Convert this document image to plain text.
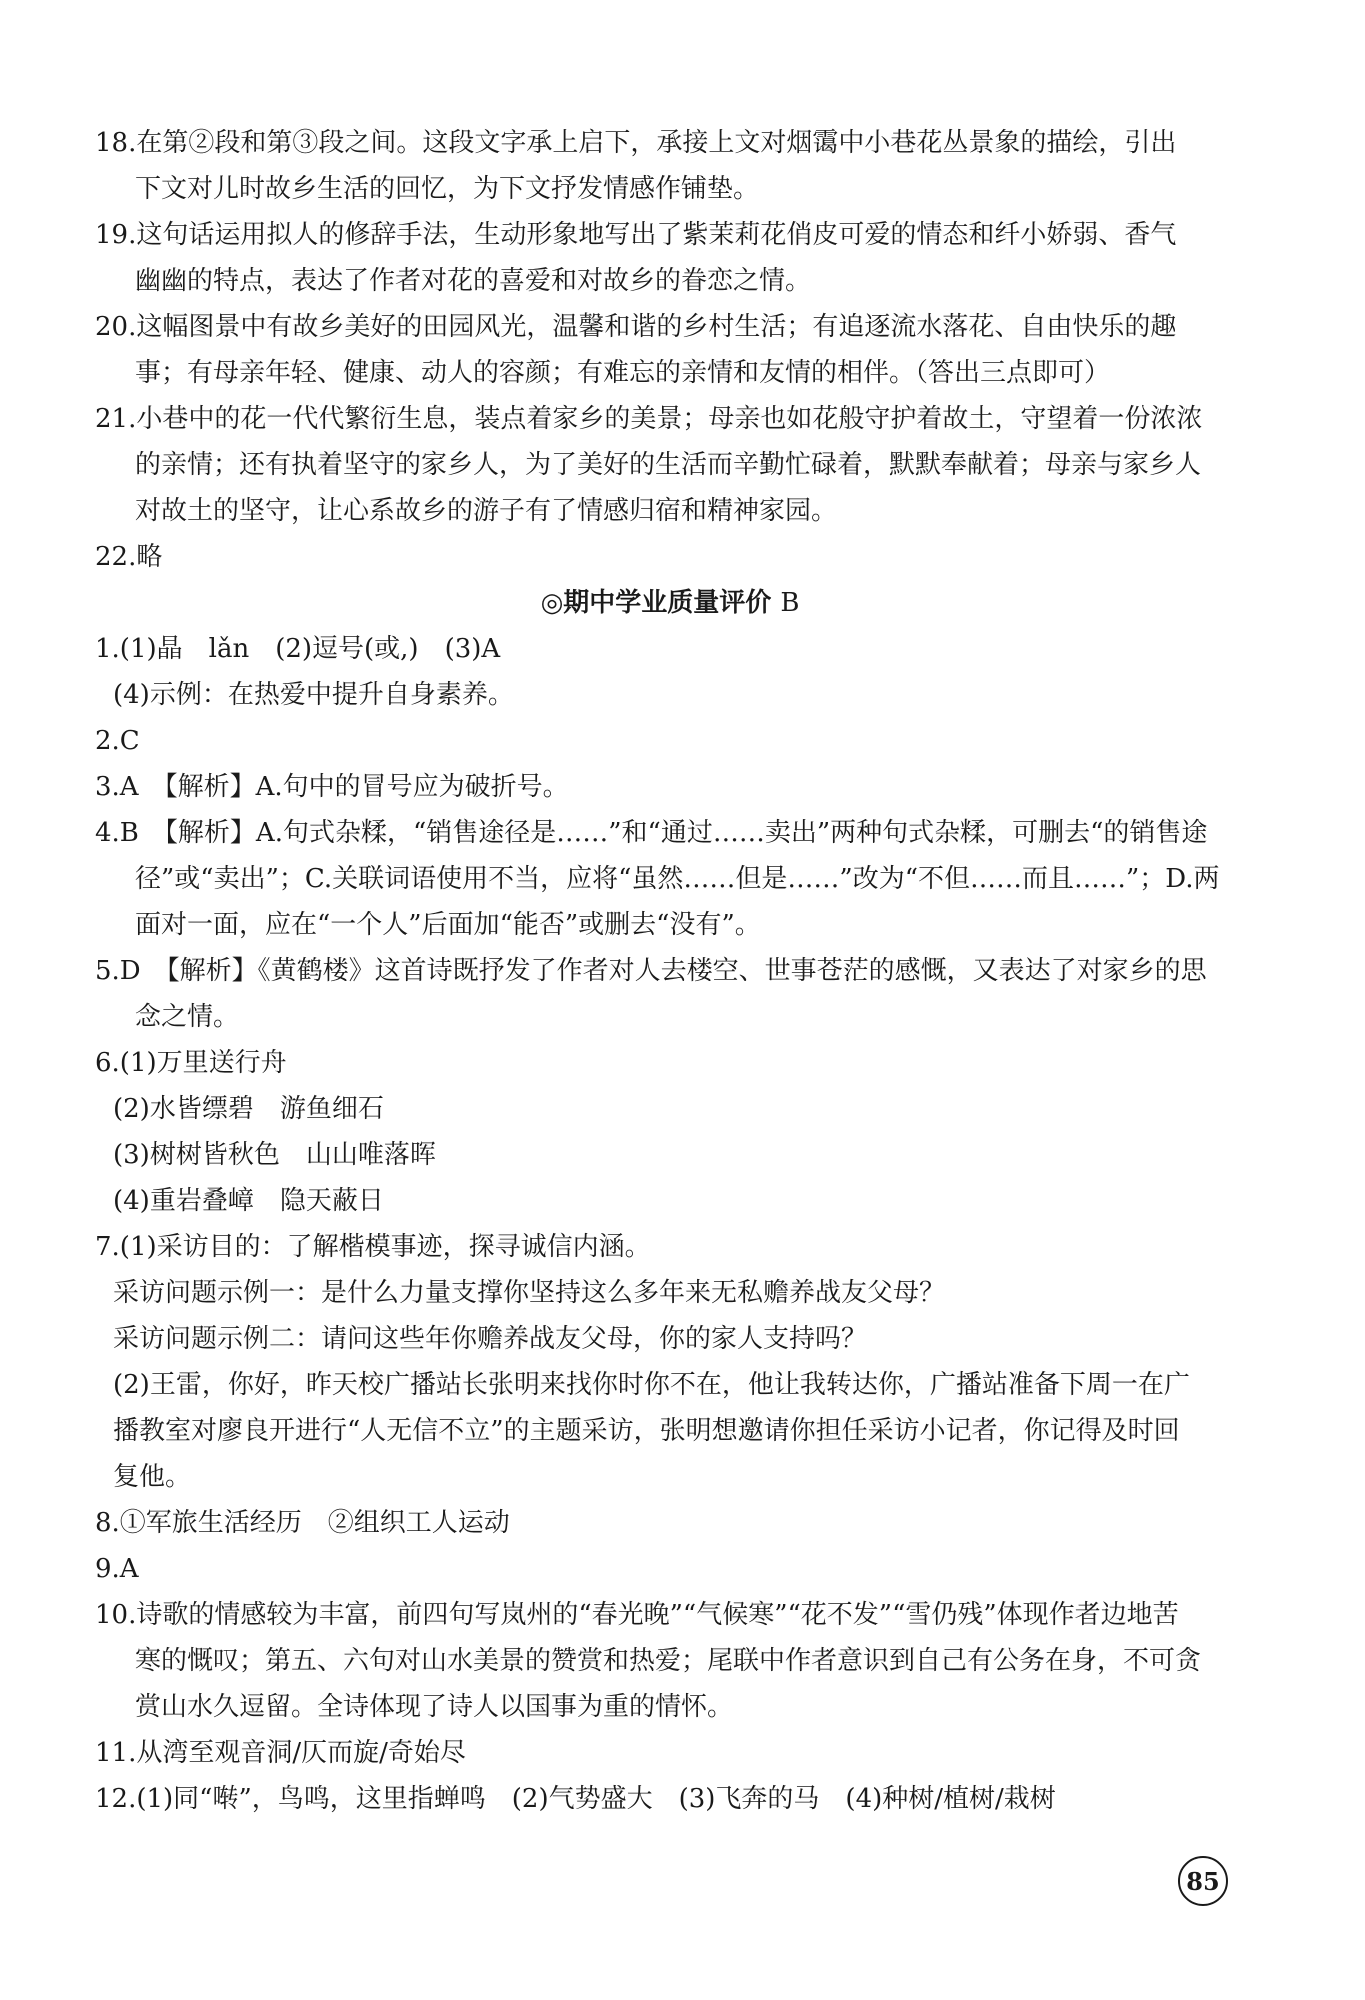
18.在第②段和第③段之间。这段文字承上启下，承接上文对烟霭中小巷花丛景象的描绘，引出

下文对儿时故乡生活的回忆，为下文抒发情感作铺垫。

19.这句话运用拟人的修辞手法，生动形象地写出了紫茉莉花俏皮可爱的情态和纤小娇弱、香气

幽幽的特点，表达了作者对花的喜爱和对故乡的眷恋之情。

20.这幅图景中有故乡美好的田园风光，温馨和谐的乡村生活；有追逐流水落花、自由快乐的趣

事；有母亲年轻、健康、动人的容颜；有难忘的亲情和友情的相伴。（答出三点即可）

21.小巷中的花一代代繁衍生息，装点着家乡的美景；母亲也如花般守护着故土，守望着一份浓浓

的亲情；还有执着坚守的家乡人，为了美好的生活而辛勤忙碌着，默默奉献着；母亲与家乡人

对故土的坚守，让心系故乡的游子有了情感归宿和精神家园。

22.略

◎期中学业质量评价 B

1.(1)晶　lǎn　(2)逗号(或,)　(3)A

(4)示例：在热爱中提升自身素养。

2.C

3.A　【解析】A.句中的冒号应为破折号。

4.B　【解析】A.句式杂糅，“销售途径是……”和“通过……卖出”两种句式杂糅，可删去“的销售途

径”或“卖出”；C.关联词语使用不当，应将“虽然……但是……”改为“不但……而且……”；D.两

面对一面，应在“一个人”后面加“能否”或删去“没有”。

5.D　【解析】《黄鹤楼》这首诗既抒发了作者对人去楼空、世事苍茫的感慨，又表达了对家乡的思

念之情。

6.(1)万里送行舟

(2)水皆缥碧　游鱼细石

(3)树树皆秋色　山山唯落晖

(4)重岩叠嶂　隐天蔽日

7.(1)采访目的：了解楷模事迹，探寻诚信内涵。

采访问题示例一：是什么力量支撑你坚持这么多年来无私赡养战友父母？

采访问题示例二：请问这些年你赡养战友父母，你的家人支持吗？

(2)王雷，你好，昨天校广播站长张明来找你时你不在，他让我转达你，广播站准备下周一在广

播教室对廖良开进行“人无信不立”的主题采访，张明想邀请你担任采访小记者，你记得及时回

复他。

8.①军旅生活经历　②组织工人运动

9.A

10.诗歌的情感较为丰富，前四句写岚州的“春光晚”“气候寒”“花不发”“雪仍残”体现作者边地苦

寒的慨叹；第五、六句对山水美景的赞赏和热爱；尾联中作者意识到自己有公务在身，不可贪

赏山水久逗留。全诗体现了诗人以国事为重的情怀。

11.从湾至观音洞/仄而旋/奇始尽

12.(1)同“啭”，鸟鸣，这里指蝉鸣　(2)气势盛大　(3)飞奔的马　(4)种树/植树/栽树

85
